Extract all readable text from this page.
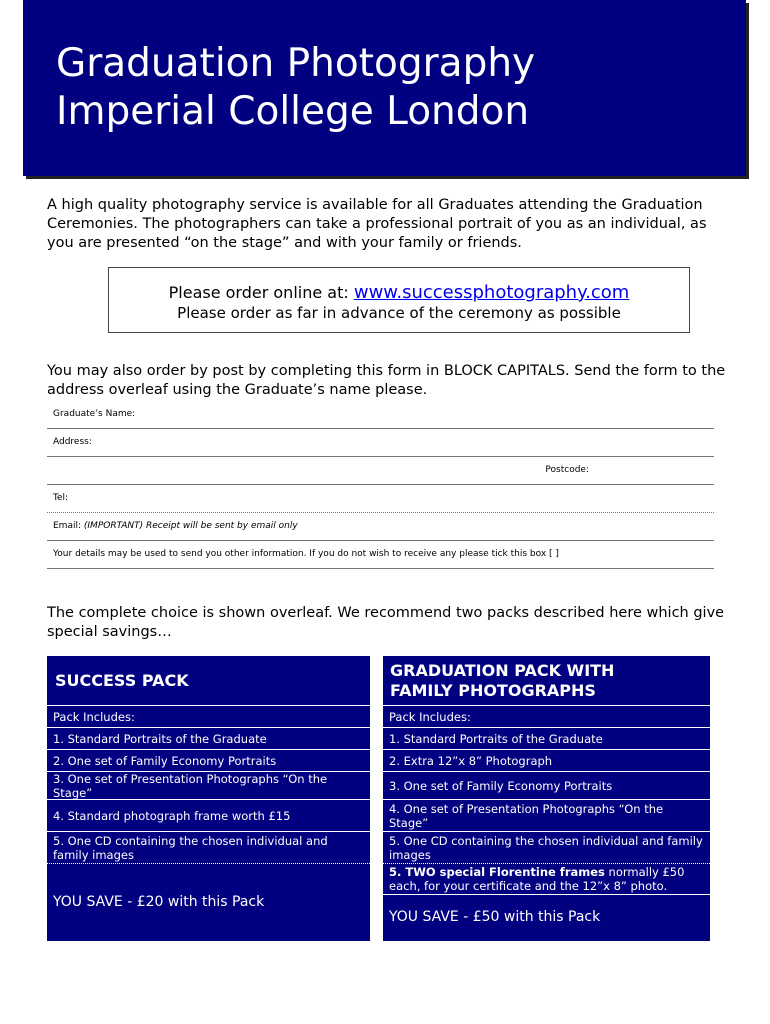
Graduation Photography
Imperial College London

A high quality photography service is available for all Graduates attending the Graduation Ceremonies. The photographers can take a professional portrait of you as an individual, as you are presented “on the stage” and with your family or friends.

Please order online at: www.successphotography.com
Please order as far in advance of the ceremony as possible

You may also order by post by completing this form in BLOCK CAPITALS. Send the form to the address overleaf using the Graduate’s name please.

Graduate’s Name:
Address:
Postcode:
Tel:
Email: (IMPORTANT) Receipt will be sent by email only
Your details may be used to send you other information. If you do not wish to receive any please tick this box [ ]

The complete choice is shown overleaf. We recommend two packs described here which give special savings…

SUCCESS PACK
Pack Includes:
1. Standard Portraits of the Graduate
2. One set of Family Economy Portraits
3. One set of Presentation Photographs “On the Stage”
4. Standard photograph frame worth £15
5. One CD containing the chosen individual and family images
YOU SAVE - £20 with this Pack
GRADUATION PACK WITH
FAMILY PHOTOGRAPHS
Pack Includes:
1. Standard Portraits of the Graduate
2. Extra 12”x 8” Photograph
3. One set of Family Economy Portraits
4. One set of Presentation Photographs “On the Stage”
5. One CD containing the chosen individual and family images
5. TWO special Florentine frames normally £50 each, for your certificate and the 12”x 8” photo.
YOU SAVE - £50 with this Pack
